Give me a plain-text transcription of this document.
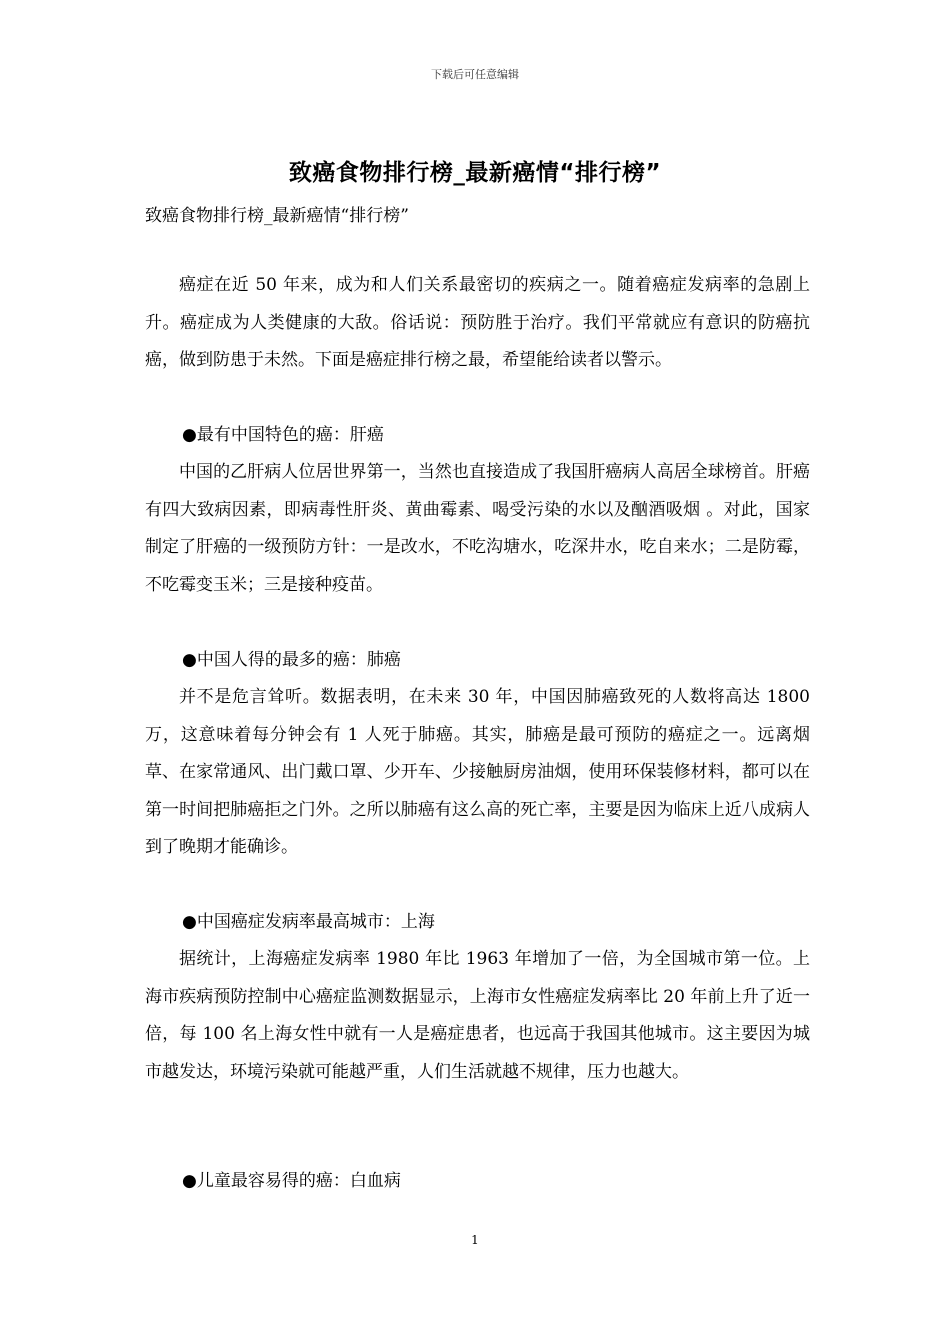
下载后可任意编辑
致癌食物排行榜_最新癌情“排行榜”
致癌食物排行榜_最新癌情“排行榜”

癌症在近 50 年来，成为和人们关系最密切的疾病之一。随着癌症发病率的急剧上升。癌症成为人类健康的大敌。俗话说：预防胜于治疗。我们平常就应有意识的防癌抗癌，做到防患于未然。下面是癌症排行榜之最，希望能给读者以警示。

●最有中国特色的癌：肝癌

中国的乙肝病人位居世界第一，当然也直接造成了我国肝癌病人高居全球榜首。肝癌有四大致病因素，即病毒性肝炎、黄曲霉素、喝受污染的水以及酗酒吸烟 。对此，国家制定了肝癌的一级预防方针：一是改水，不吃沟塘水，吃深井水，吃自来水；二是防霉，不吃霉变玉米；三是接种疫苗。

●中国人得的最多的癌：肺癌

并不是危言耸听。数据表明，在未来 30 年，中国因肺癌致死的人数将高达 1800 万，这意味着每分钟会有 1 人死于肺癌。其实，肺癌是最可预防的癌症之一。远离烟草、在家常通风、出门戴口罩、少开车、少接触厨房油烟，使用环保装修材料，都可以在第一时间把肺癌拒之门外。之所以肺癌有这么高的死亡率，主要是因为临床上近八成病人到了晚期才能确诊。

●中国癌症发病率最高城市：上海

据统计，上海癌症发病率 1980 年比 1963 年增加了一倍，为全国城市第一位。上海市疾病预防控制中心癌症监测数据显示，上海市女性癌症发病率比 20 年前上升了近一倍，每 100 名上海女性中就有一人是癌症患者，也远高于我国其他城市。这主要因为城市越发达，环境污染就可能越严重，人们生活就越不规律，压力也越大。

●儿童最容易得的癌：白血病
1
